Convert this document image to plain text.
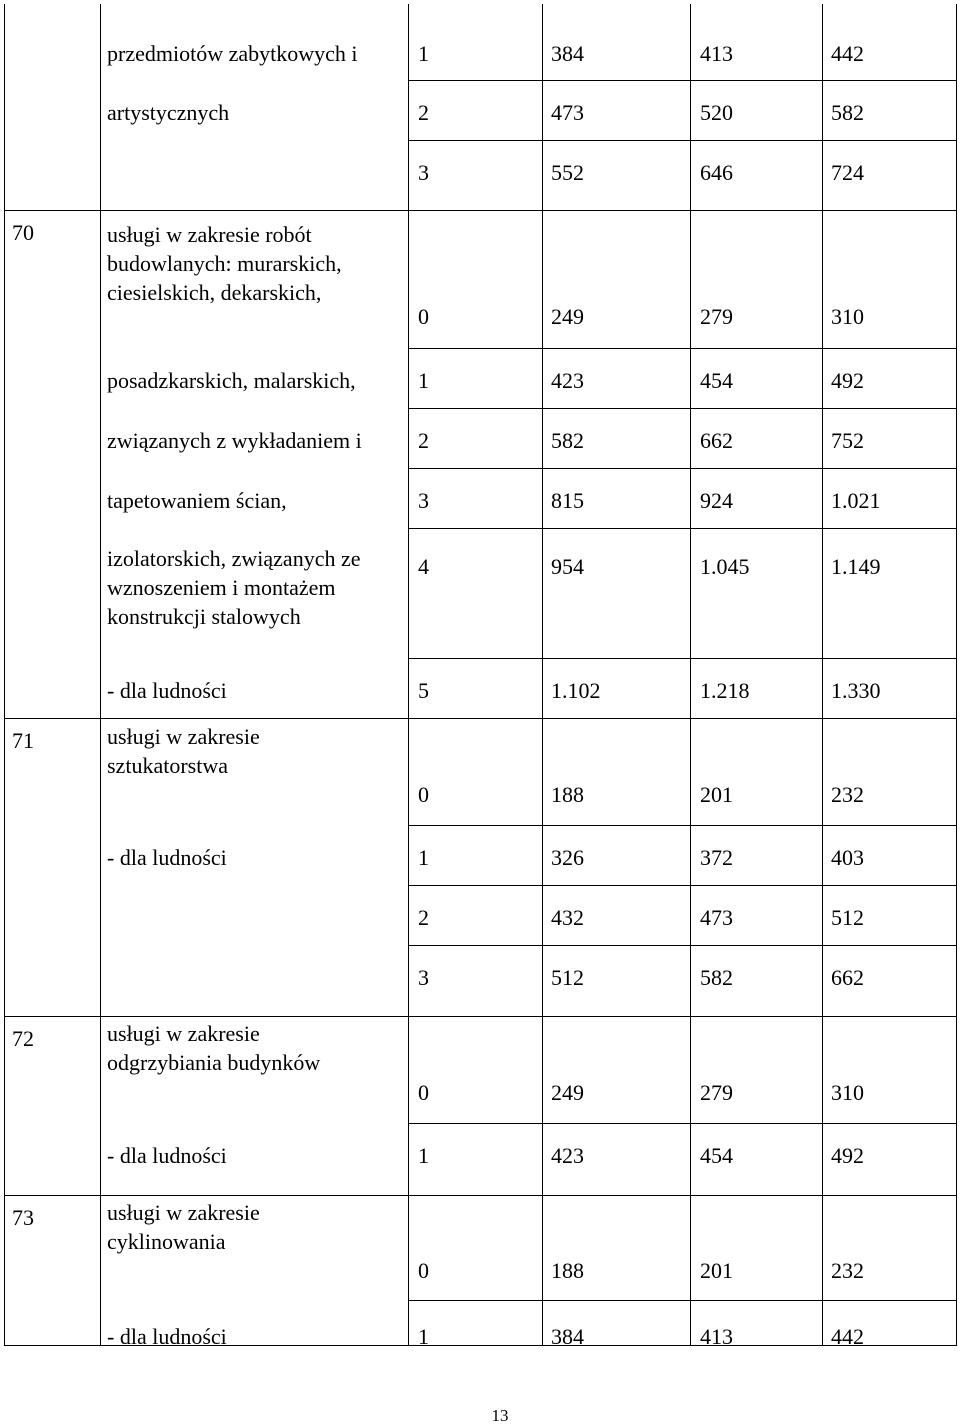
przedmiotów zabytkowych i	1	384	413	442
artystycznych	2	473	520	582
3	552	646	724
70	usługi w zakresie robót
budowlanych: murarskich,
ciesielskich, dekarskich,
0	249	279	310
posadzkarskich, malarskich,	1	423	454	492
związanych z wykładaniem i	2	582	662	752
tapetowaniem ścian,	3	815	924	1.021
izolatorskich, związanych ze
wznoszeniem i montażem
konstrukcji stalowych
4	954	1.045	1.149
- dla ludności	5	1.102	1.218	1.330
71	usługi w zakresie
sztukatorstwa
0	188	201	232
- dla ludności	1	326	372	403
2	432	473	512
3	512	582	662
72	usługi w zakresie
odgrzybiania budynków
0	249	279	310
- dla ludności	1	423	454	492
73	usługi w zakresie
cyklinowania
0	188	201	232
- dla ludności	1	384	413	442
13
